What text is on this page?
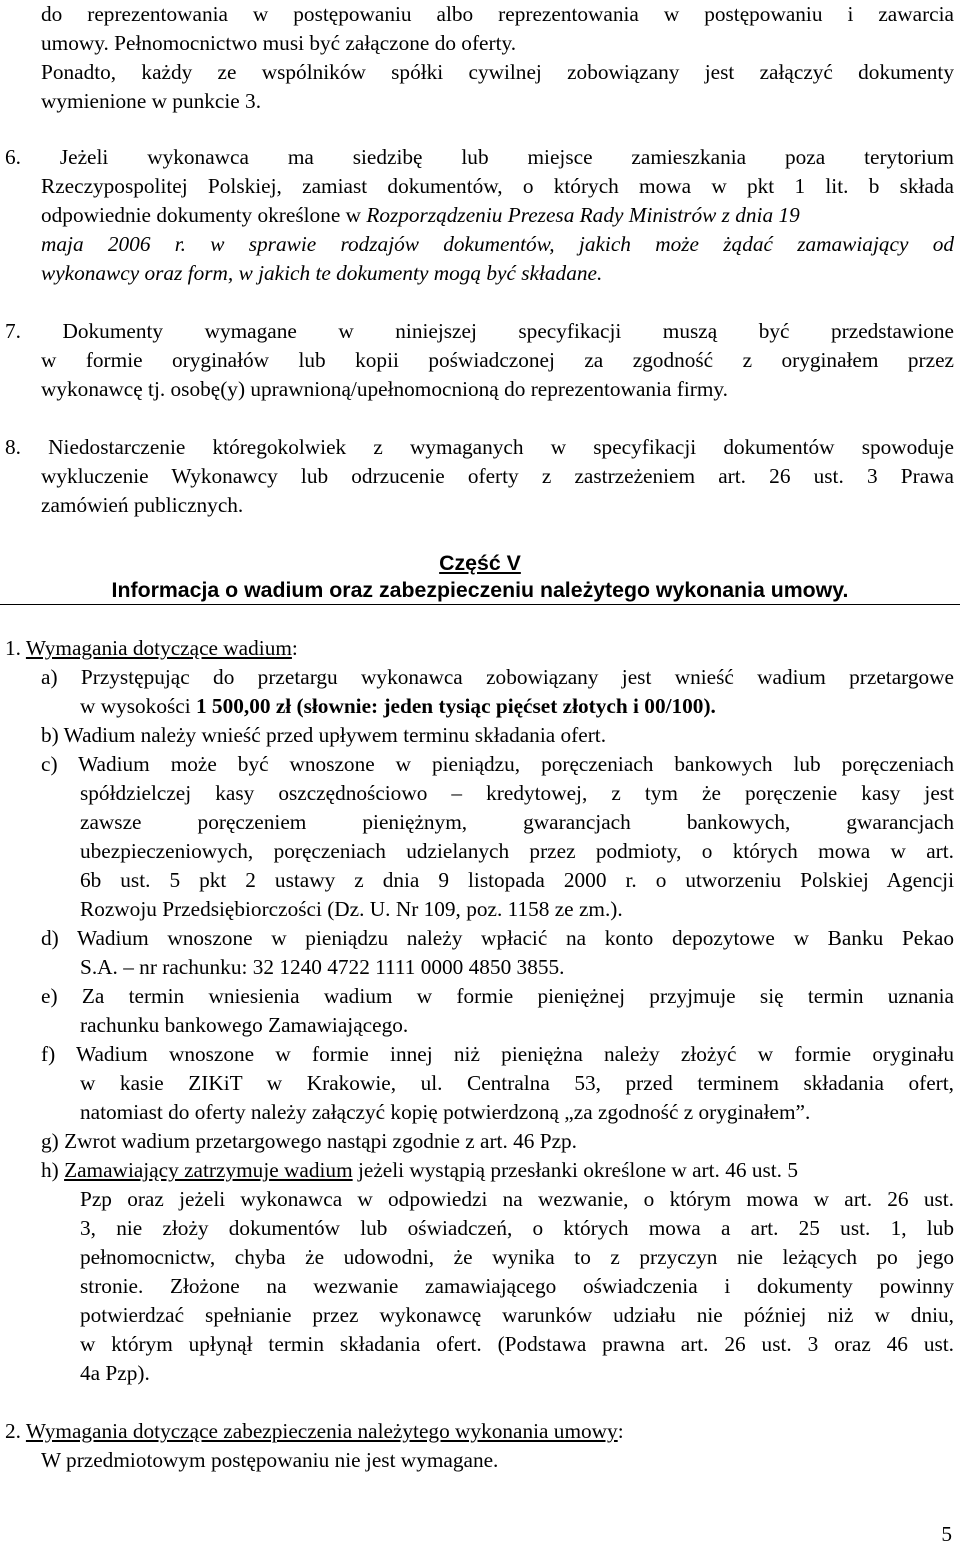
do reprezentowania w postępowaniu albo reprezentowania w postępowaniu i zawarcia
umowy. Pełnomocnictwo musi być załączone do oferty.
Ponadto, każdy ze wspólników spółki cywilnej zobowiązany jest załączyć dokumenty
wymienione w punkcie 3.
6. Jeżeli wykonawca ma siedzibę lub miejsce zamieszkania poza terytorium
Rzeczypospolitej Polskiej, zamiast dokumentów, o których mowa w pkt 1 lit. b składa
odpowiednie dokumenty określone w Rozporządzeniu Prezesa Rady Ministrów z dnia 19
maja 2006 r. w sprawie rodzajów dokumentów, jakich może żądać zamawiający od
wykonawcy oraz form, w jakich te dokumenty mogą być składane.
7. Dokumenty wymagane w niniejszej specyfikacji muszą być przedstawione
w formie oryginałów lub kopii poświadczonej za zgodność z oryginałem przez
wykonawcę tj. osobę(y) uprawnioną/upełnomocnioną do reprezentowania firmy.
8. Niedostarczenie któregokolwiek z wymaganych w specyfikacji dokumentów spowoduje
wykluczenie Wykonawcy lub odrzucenie oferty z zastrzeżeniem art. 26 ust. 3 Prawa
zamówień publicznych.
Część V
Informacja o wadium oraz zabezpieczeniu należytego wykonania umowy.
1. Wymagania dotyczące wadium:
a) Przystępując do przetargu wykonawca zobowiązany jest wnieść wadium przetargowe
w wysokości 1 500,00 zł (słownie: jeden tysiąc pięćset złotych i 00/100).
b) Wadium należy wnieść przed upływem terminu składania ofert.
c) Wadium może być wnoszone w pieniądzu, poręczeniach bankowych lub poręczeniach
spółdzielczej kasy oszczędnościowo – kredytowej, z tym że poręczenie kasy jest
zawsze poręczeniem pieniężnym, gwarancjach bankowych, gwarancjach
ubezpieczeniowych, poręczeniach udzielanych przez podmioty, o których mowa w art.
6b ust. 5 pkt 2 ustawy z dnia 9 listopada 2000 r. o utworzeniu Polskiej Agencji
Rozwoju Przedsiębiorczości (Dz. U. Nr 109, poz. 1158 ze zm.).
d) Wadium wnoszone w pieniądzu należy wpłacić na konto depozytowe w Banku Pekao
S.A. – nr rachunku: 32 1240 4722 1111 0000 4850 3855.
e) Za termin wniesienia wadium w formie pieniężnej przyjmuje się termin uznania
rachunku bankowego Zamawiającego.
f) Wadium wnoszone w formie innej niż pieniężna należy złożyć w formie oryginału
w kasie ZIKiT w Krakowie, ul. Centralna 53, przed terminem składania ofert,
natomiast do oferty należy załączyć kopię potwierdzoną „za zgodność z oryginałem”.
g) Zwrot wadium przetargowego nastąpi zgodnie z art. 46 Pzp.
h) Zamawiający zatrzymuje wadium jeżeli wystąpią przesłanki określone w art. 46 ust. 5
Pzp oraz jeżeli wykonawca w odpowiedzi na wezwanie, o którym mowa w art. 26 ust.
3, nie złoży dokumentów lub oświadczeń, o których mowa a art. 25 ust. 1, lub
pełnomocnictw, chyba że udowodni, że wynika to z przyczyn nie leżących po jego
stronie. Złożone na wezwanie zamawiającego oświadczenia i dokumenty powinny
potwierdzać spełnianie przez wykonawcę warunków udziału nie później niż w dniu,
w którym upłynął termin składania ofert. (Podstawa prawna art. 26 ust. 3 oraz 46 ust.
4a Pzp).
2. Wymagania dotyczące zabezpieczenia należytego wykonania umowy:
W przedmiotowym postępowaniu nie jest wymagane.
5
